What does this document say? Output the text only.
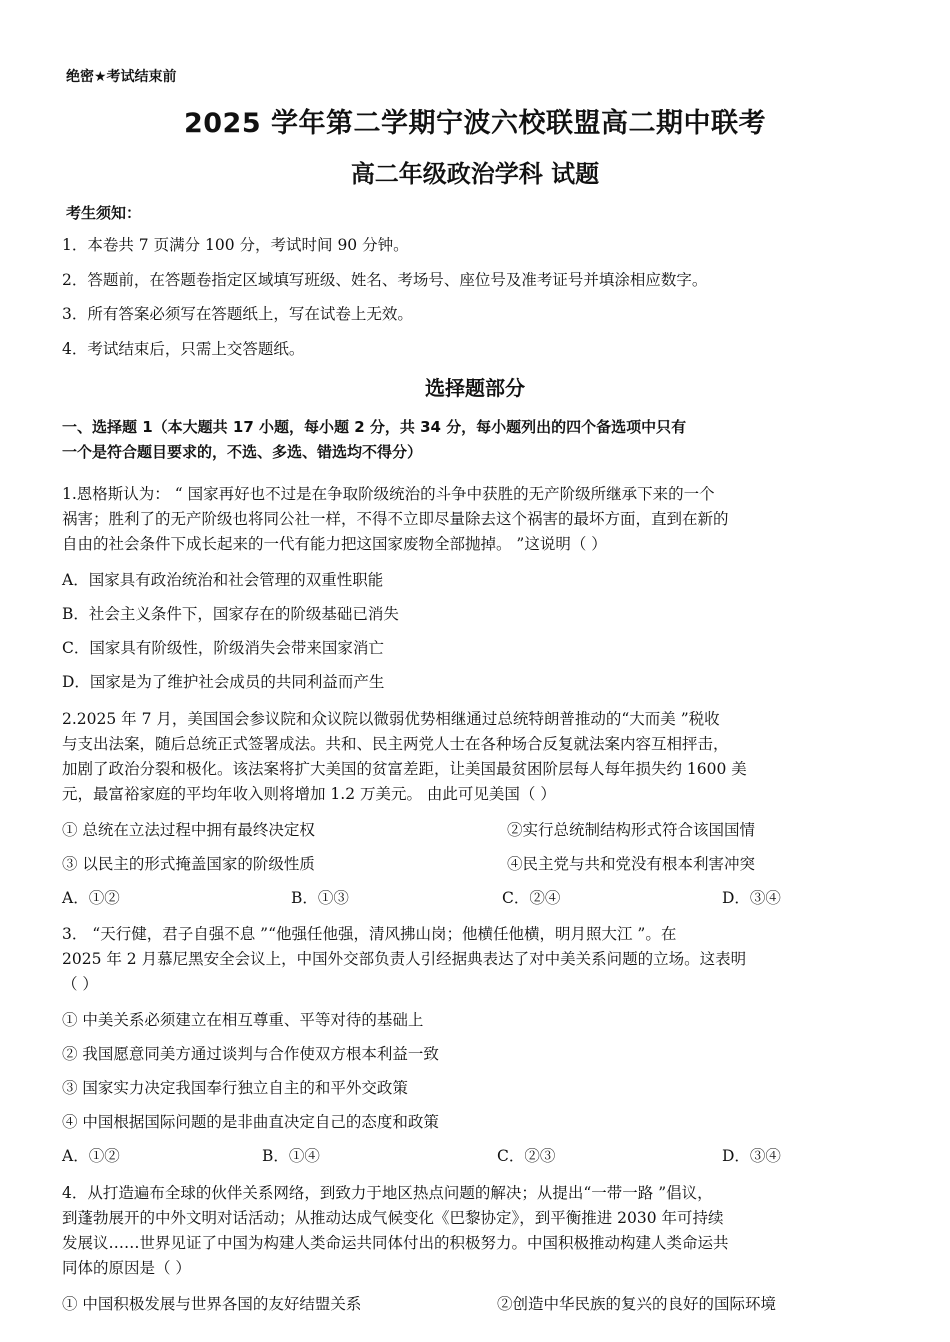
绝密★考试结束前
2025 学年第二学期宁波六校联盟高二期中联考
高二年级政治学科 试题
考生须知：
1．本卷共 7 页满分 100 分，考试时间 90 分钟。
2．答题前，在答题卷指定区域填写班级、姓名、考场号、座位号及准考证号并填涂相应数字。
3．所有答案必须写在答题纸上，写在试卷上无效。
4．考试结束后，只需上交答题纸。
选择题部分
一、选择题 1（本大题共 17 小题，每小题 2 分，共 34 分，每小题列出的四个备选项中只有
一个是符合题目要求的，不选、多选、错选均不得分）
1.恩格斯认为： “ 国家再好也不过是在争取阶级统治的斗争中获胜的无产阶级所继承下来的一个
祸害；胜利了的无产阶级也将同公社一样，不得不立即尽量除去这个祸害的最坏方面，直到在新的
自由的社会条件下成长起来的一代有能力把这国家废物全部抛掉。 ”这说明（ ）
A．国家具有政治统治和社会管理的双重性职能
B．社会主义条件下，国家存在的阶级基础已消失
C．国家具有阶级性，阶级消失会带来国家消亡
D．国家是为了维护社会成员的共同利益而产生
2.2025 年 7 月，美国国会参议院和众议院以微弱优势相继通过总统特朗普推动的“大而美 ”税收
与支出法案，随后总统正式签署成法。共和、民主两党人士在各种场合反复就法案内容互相抨击，
加剧了政治分裂和极化。该法案将扩大美国的贫富差距，让美国最贫困阶层每人每年损失约 1600 美
元，最富裕家庭的平均年收入则将增加 1.2 万美元。 由此可见美国（ ）
① 总统在立法过程中拥有最终决定权	②实行总统制结构形式符合该国国情
③ 以民主的形式掩盖国家的阶级性质	④民主党与共和党没有根本利害冲突
A．①②	B．①③	C．②④	D．③④
3． “天行健，君子自强不息 ”“他强任他强，清风拂山岗；他横任他横，明月照大江 ”。在
2025 年 2 月慕尼黑安全会议上，中国外交部负责人引经据典表达了对中美关系问题的立场。这表明
（ ）
① 中美关系必须建立在相互尊重、平等对待的基础上
② 我国愿意同美方通过谈判与合作使双方根本利益一致
③ 国家实力决定我国奉行独立自主的和平外交政策
④ 中国根据国际问题的是非曲直决定自己的态度和政策
A．①②	B．①④	C．②③	D．③④
4．从打造遍布全球的伙伴关系网络，到致力于地区热点问题的解决；从提出“一带一路 ”倡议，
到蓬勃展开的中外文明对话活动；从推动达成气候变化《巴黎协定》，到平衡推进 2030 年可持续
发展议……世界见证了中国为构建人类命运共同体付出的积极努力。中国积极推动构建人类命运共
同体的原因是（ ）
① 中国积极发展与世界各国的友好结盟关系	②创造中华民族的复兴的良好的国际环境
